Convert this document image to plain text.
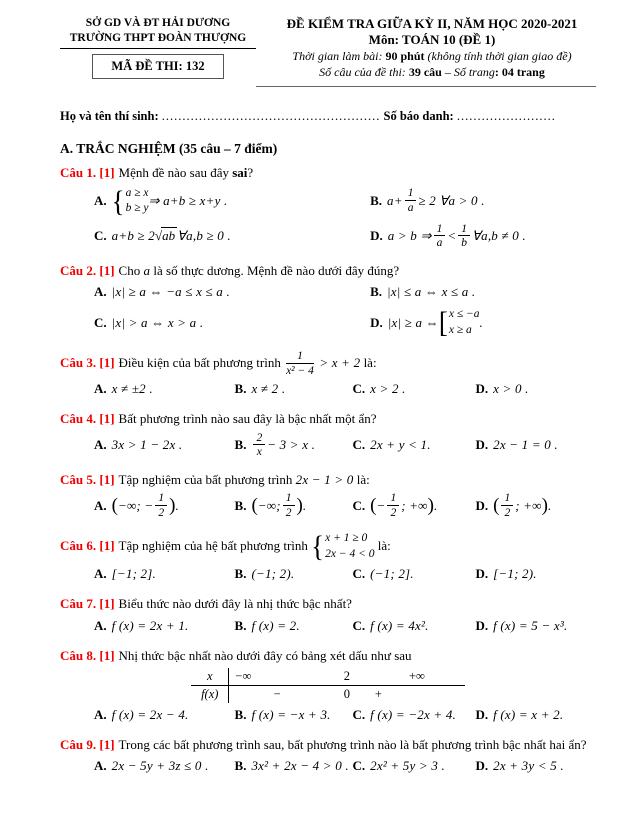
SỞ GD VÀ ĐT HẢI DƯƠNG
TRƯỜNG THPT ĐOÀN THƯỢNG
MÃ ĐỀ THI: 132
ĐỀ KIỂM TRA GIỮA KỲ II, NĂM HỌC 2020-2021
Môn: TOÁN 10 (ĐỀ 1)
Thời gian làm bài: 90 phút (không tính thời gian giao đề)
Số câu của đề thi: 39 câu – Số trang: 04 trang
Họ và tên thí sinh: ..................................................... Số báo danh: ........................
A. TRẮC NGHIỆM (35 câu – 7 điểm)
Câu 1. [1] Mệnh đề nào sau đây sai?
A. { a ≥ x
b ≥ y ⇒ a+b ≥ x+y .	B. $a+ \frac{1}{a} \ge 2$ ∀a > 0 .
C. a+b ≥ 2 √ab ∀a,b ≥ 0 .	D. a > b ⇒ $\frac{1}{a} < \frac{1}{b}$ ∀a,b ≠ 0 .
Câu 2. [1] Cho a là số thực dương. Mệnh đề nào dưới đây đúng?
A. |x| ≥ a ⇔ −a ≤ x ≤ a .	B. |x| ≤ a ⇔ x ≤ a .
C. |x| > a ⇔ x > a .	D. |x| ≥ a ⇔ [ x ≤ −a
x ≥ a .
Câu 3. [1] Điều kiện của bất phương trình $\frac{1}{\text{x² − 4}} > x + 2$ là:
A. x ≠ ±2 .	B. x ≠ 2 .	C. x > 2 .	D. x > 0 .
Câu 4. [1] Bất phương trình nào sau đây là bậc nhất một ẩn?
A. 3x > 1 − 2x .	B. $\frac{2}{x} - 3 > x$ .	C. 2x + y < 1.	D. 2x − 1 = 0 .
Câu 5. [1] Tập nghiệm của bất phương trình 2x − 1 > 0 là:
A. ( −∞; − $\frac{1}{2}$ ) .	B. ( −∞; $\frac{1}{2}$ ) .	C. ( − $\frac{1}{2}$ ; +∞ ) .	D. ( $\frac{1}{2}$ ; +∞ ) .
Câu 6. [1] Tập nghiệm của hệ bất phương trình { x + 1 ≥ 0
2x − 4 < 0
là:
A. [−1; 2].	B. (−1; 2).	C. (−1; 2].	D. [−1; 2).
Câu 7. [1] Biểu thức nào dưới đây là nhị thức bậc nhất?
A. f (x) = 2x + 1.	B. f (x) = 2.	C. f (x) = 4x².	D. f (x) = 5 − x³.
Câu 8. [1] Nhị thức bậc nhất nào dưới đây có bảng xét dấu như sau
x	−∞	2	+∞
f(x)	−	0	+
A. f (x) = 2x − 4.	B. f (x) = −x + 3. C. f (x) = −2x + 4. D. f (x) = x + 2.
Câu 9. [1] Trong các bất phương trình sau, bất phương trình nào là bất phương trình bậc nhất hai ẩn?
A. 2x − 5y + 3z ≤ 0 . B. 3x² + 2x − 4 > 0 . C. 2x² + 5y > 3 . D. 2x + 3y < 5 .
